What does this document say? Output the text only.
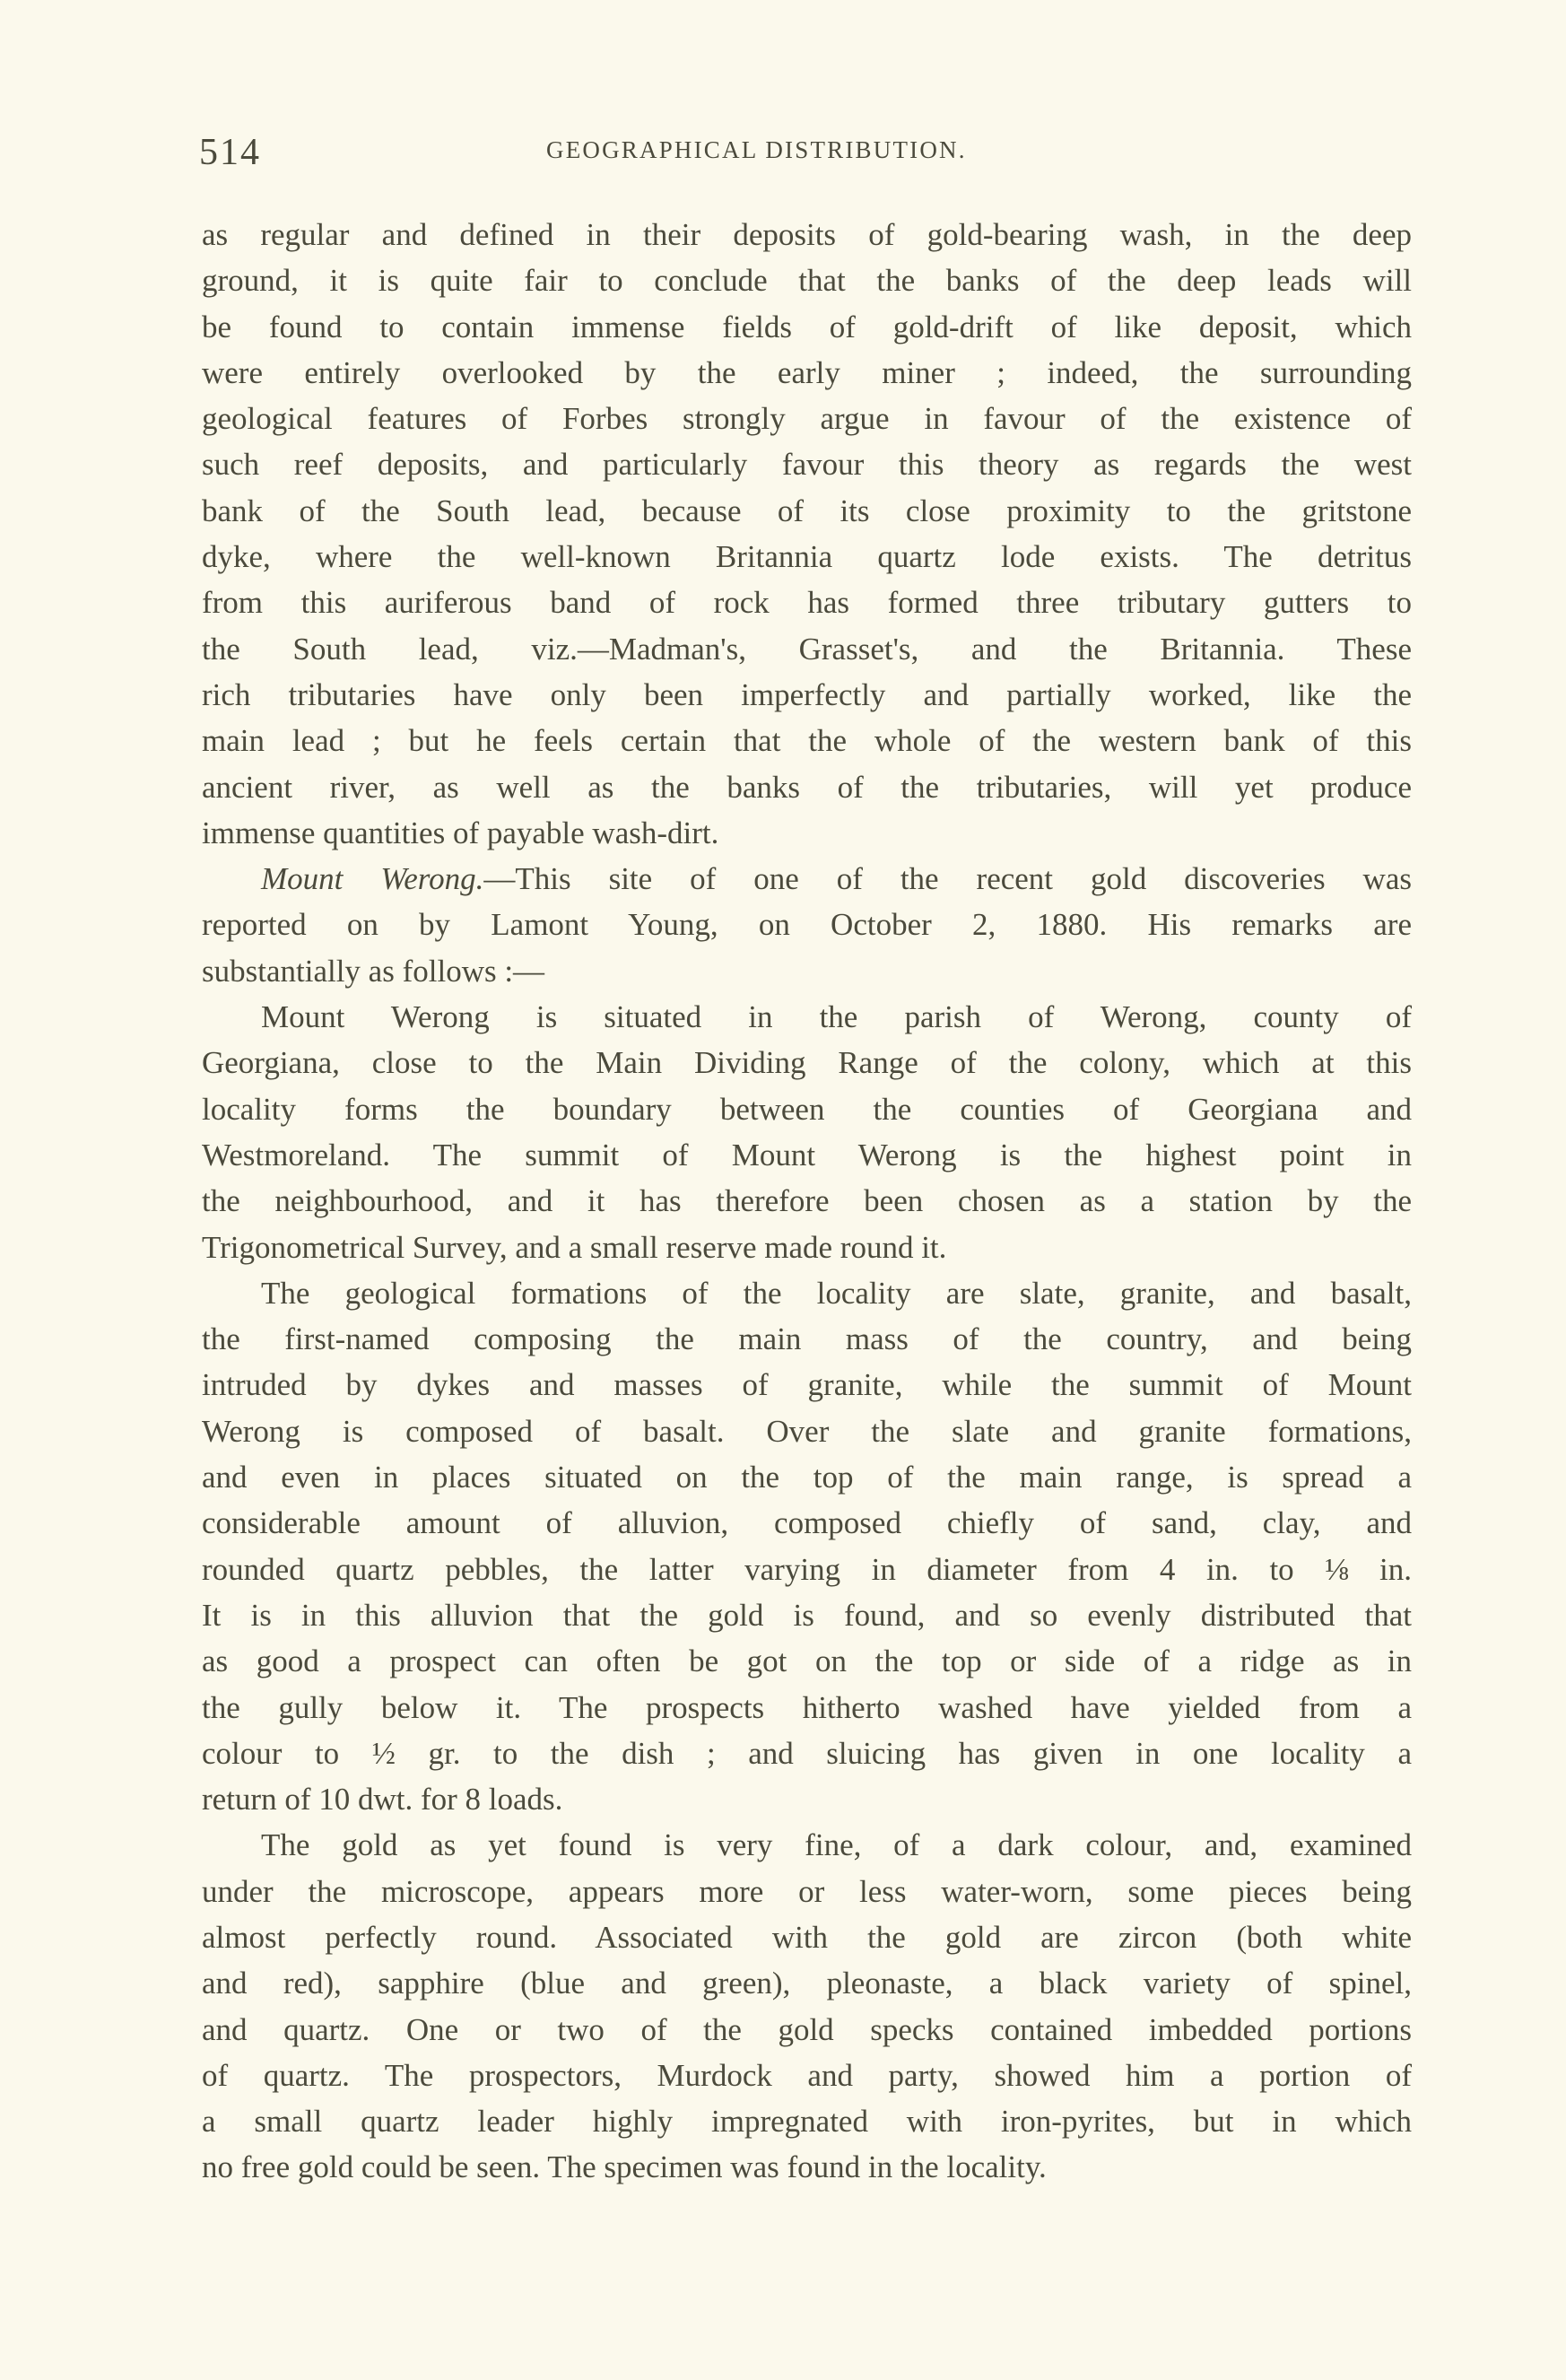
514	GEOGRAPHICAL DISTRIBUTION.
as regular and defined in their deposits of gold-bearing wash, in the deep
ground, it is quite fair to conclude that the banks of the deep leads will
be found to contain immense fields of gold-drift of like deposit, which
were entirely overlooked by the early miner ; indeed, the surrounding
geological features of Forbes strongly argue in favour of the existence of
such reef deposits, and particularly favour this theory as regards the west
bank of the South lead, because of its close proximity to the gritstone
dyke, where the well-known Britannia quartz lode exists. The detritus
from this auriferous band of rock has formed three tributary gutters to
the South lead, viz.—Madman's, Grasset's, and the Britannia. These
rich tributaries have only been imperfectly and partially worked, like the
main lead ; but he feels certain that the whole of the western bank of this
ancient river, as well as the banks of the tributaries, will yet produce
immense quantities of payable wash-dirt.
Mount Werong.—This site of one of the recent gold discoveries was
reported on by Lamont Young, on October 2, 1880. His remarks are
substantially as follows :—
Mount Werong is situated in the parish of Werong, county of
Georgiana, close to the Main Dividing Range of the colony, which at this
locality forms the boundary between the counties of Georgiana and
Westmoreland. The summit of Mount Werong is the highest point in
the neighbourhood, and it has therefore been chosen as a station by the
Trigonometrical Survey, and a small reserve made round it.
The geological formations of the locality are slate, granite, and basalt,
the first-named composing the main mass of the country, and being
intruded by dykes and masses of granite, while the summit of Mount
Werong is composed of basalt. Over the slate and granite formations,
and even in places situated on the top of the main range, is spread a
considerable amount of alluvion, composed chiefly of sand, clay, and
rounded quartz pebbles, the latter varying in diameter from 4 in. to ⅛ in.
It is in this alluvion that the gold is found, and so evenly distributed that
as good a prospect can often be got on the top or side of a ridge as in
the gully below it. The prospects hitherto washed have yielded from a
colour to ½ gr. to the dish ; and sluicing has given in one locality a
return of 10 dwt. for 8 loads.
The gold as yet found is very fine, of a dark colour, and, examined
under the microscope, appears more or less water-worn, some pieces being
almost perfectly round. Associated with the gold are zircon (both white
and red), sapphire (blue and green), pleonaste, a black variety of spinel,
and quartz. One or two of the gold specks contained imbedded portions
of quartz. The prospectors, Murdock and party, showed him a portion of
a small quartz leader highly impregnated with iron-pyrites, but in which
no free gold could be seen. The specimen was found in the locality.
